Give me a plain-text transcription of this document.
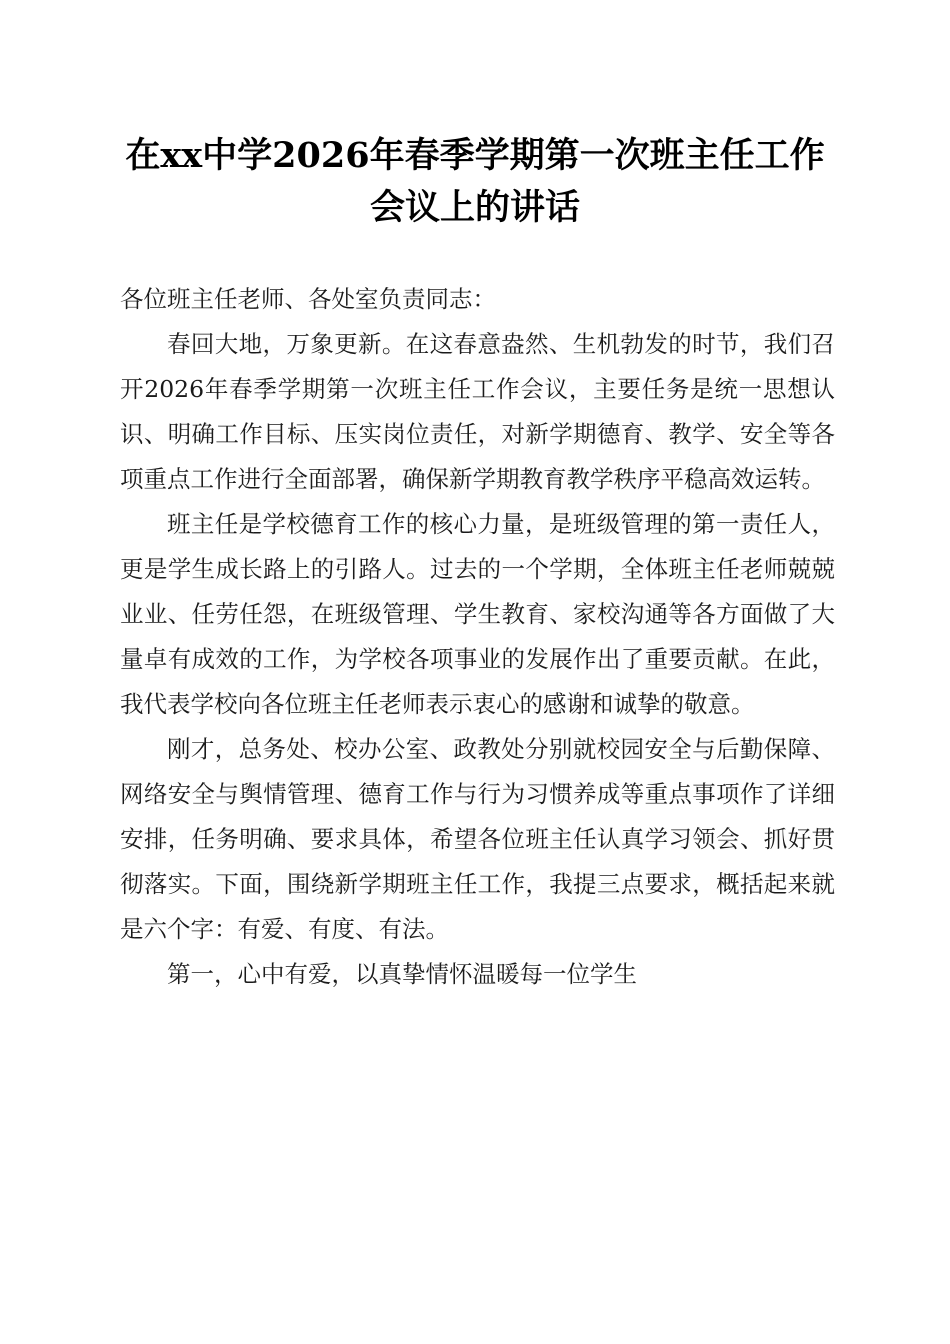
在xx中学2026年春季学期第一次班主任工作
会议上的讲话

各位班主任老师、各处室负责同志：

春回大地，万象更新。在这春意盎然、生机勃发的时节，我们召开2026年春季学期第一次班主任工作会议，主要任务是统一思想认识、明确工作目标、压实岗位责任，对新学期德育、教学、安全等各项重点工作进行全面部署，确保新学期教育教学秩序平稳高效运转。

班主任是学校德育工作的核心力量，是班级管理的第一责任人，更是学生成长路上的引路人。过去的一个学期，全体班主任老师兢兢业业、任劳任怨，在班级管理、学生教育、家校沟通等各方面做了大量卓有成效的工作，为学校各项事业的发展作出了重要贡献。在此，我代表学校向各位班主任老师表示衷心的感谢和诚挚的敬意。

刚才，总务处、校办公室、政教处分别就校园安全与后勤保障、网络安全与舆情管理、德育工作与行为习惯养成等重点事项作了详细安排，任务明确、要求具体，希望各位班主任认真学习领会、抓好贯彻落实。下面，围绕新学期班主任工作，我提三点要求，概括起来就是六个字：有爱、有度、有法。

第一，心中有爱，以真挚情怀温暖每一位学生
